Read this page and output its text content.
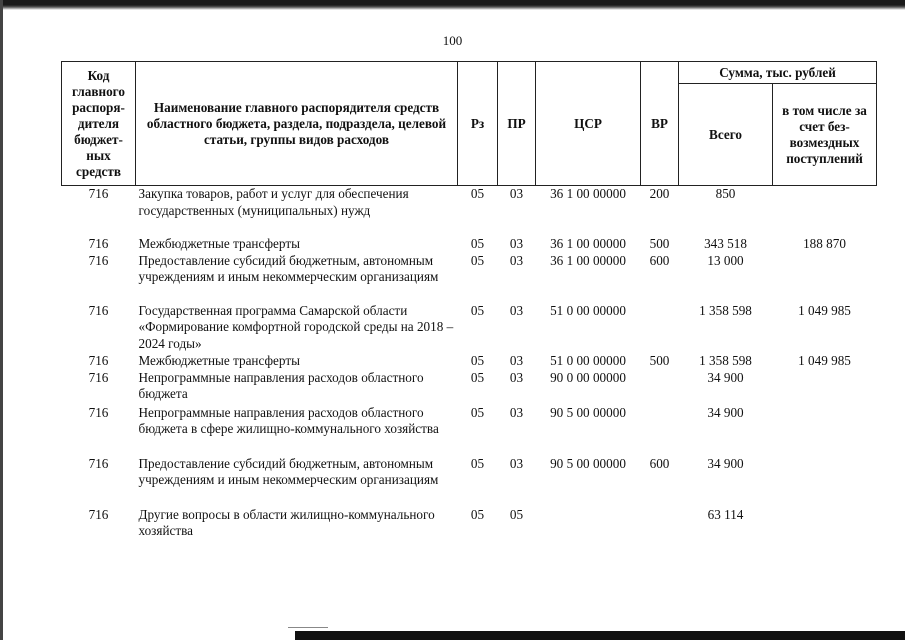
100
Код главного распоря-дителя бюджет-ных средств	Наименование главного распорядителя средств областного бюджета, раздела, подраздела, целевой статьи, группы видов расходов	Рз	ПР	ЦСР	ВР	Сумма, тыс. рублей	
						Всего	в том числе за счет без-возмездных поступлений
716	Закупка товаров, работ и услуг для обеспечения государственных (муниципальных) нужд	05	03	36 1 00 00000	200	850	
716	Межбюджетные трансферты	05	03	36 1 00 00000	500	343 518	188 870
716	Предоставление субсидий бюджетным, автономным учреждениям и иным некоммерческим организациям	05	03	36 1 00 00000	600	13 000	
716	Государственная программа Самарской области «Формирование комфортной городской среды на 2018 – 2024 годы»	05	03	51 0 00 00000		1 358 598	1 049 985
716	Межбюджетные трансферты	05	03	51 0 00 00000	500	1 358 598	1 049 985
716	Непрограммные направления расходов областного бюджета	05	03	90 0 00 00000		34 900	
716	Непрограммные направления расходов областного бюджета в сфере жилищно-коммунального хозяйства	05	03	90 5 00 00000		34 900	
716	Предоставление субсидий бюджетным, автономным учреждениям и иным некоммерческим организациям	05	03	90 5 00 00000	600	34 900	
716	Другие вопросы в области жилищно-коммунального хозяйства	05	05			63 114	
